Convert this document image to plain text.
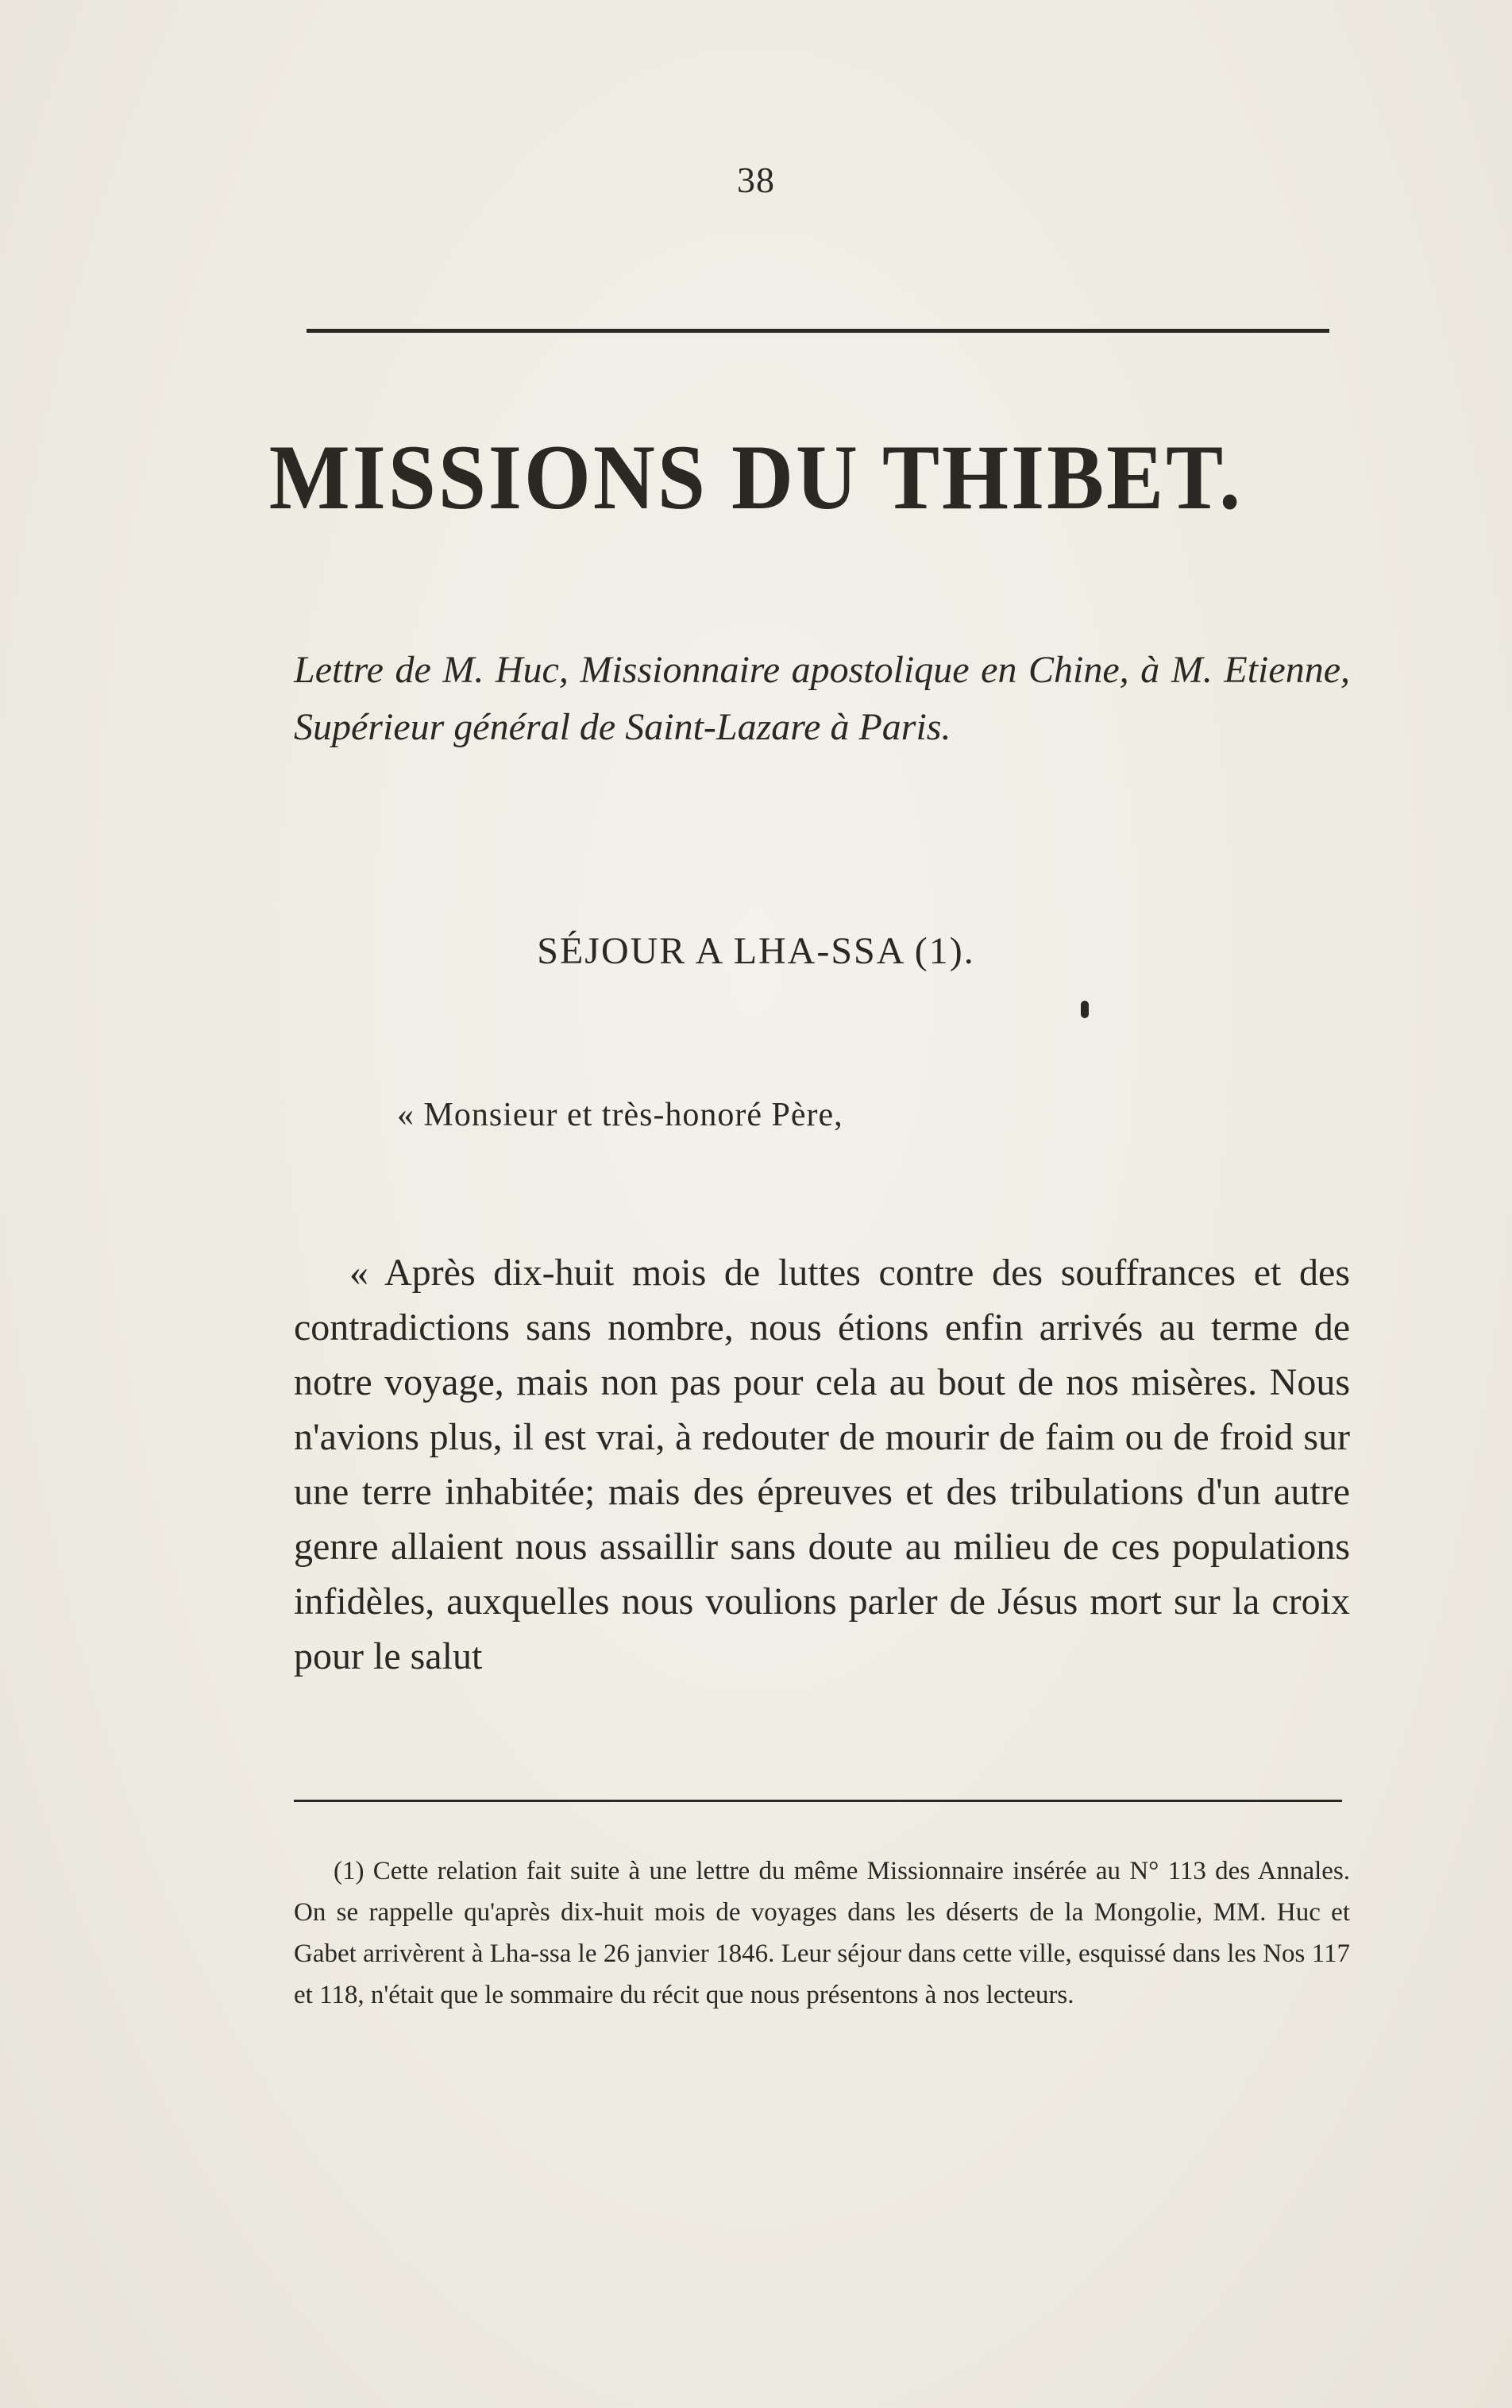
38
MISSIONS DU THIBET.
Lettre de M. Huc, Missionnaire apostolique en Chine, à M. Etienne, Supérieur général de Saint-Lazare à Paris.
SÉJOUR A LHA-SSA (1).
« Monsieur et très-honoré Père,
« Après dix-huit mois de luttes contre des souffrances et des contradictions sans nombre, nous étions enfin arrivés au terme de notre voyage, mais non pas pour cela au bout de nos misères. Nous n'avions plus, il est vrai, à redouter de mourir de faim ou de froid sur une terre inhabitée; mais des épreuves et des tribulations d'un autre genre allaient nous assaillir sans doute au milieu de ces populations infidèles, auxquelles nous voulions parler de Jésus mort sur la croix pour le salut
(1) Cette relation fait suite à une lettre du même Missionnaire insérée au N° 113 des Annales. On se rappelle qu'après dix-huit mois de voyages dans les déserts de la Mongolie, MM. Huc et Gabet arrivèrent à Lha-ssa le 26 janvier 1846. Leur séjour dans cette ville, esquissé dans les Nos 117 et 118, n'était que le sommaire du récit que nous présentons à nos lecteurs.
